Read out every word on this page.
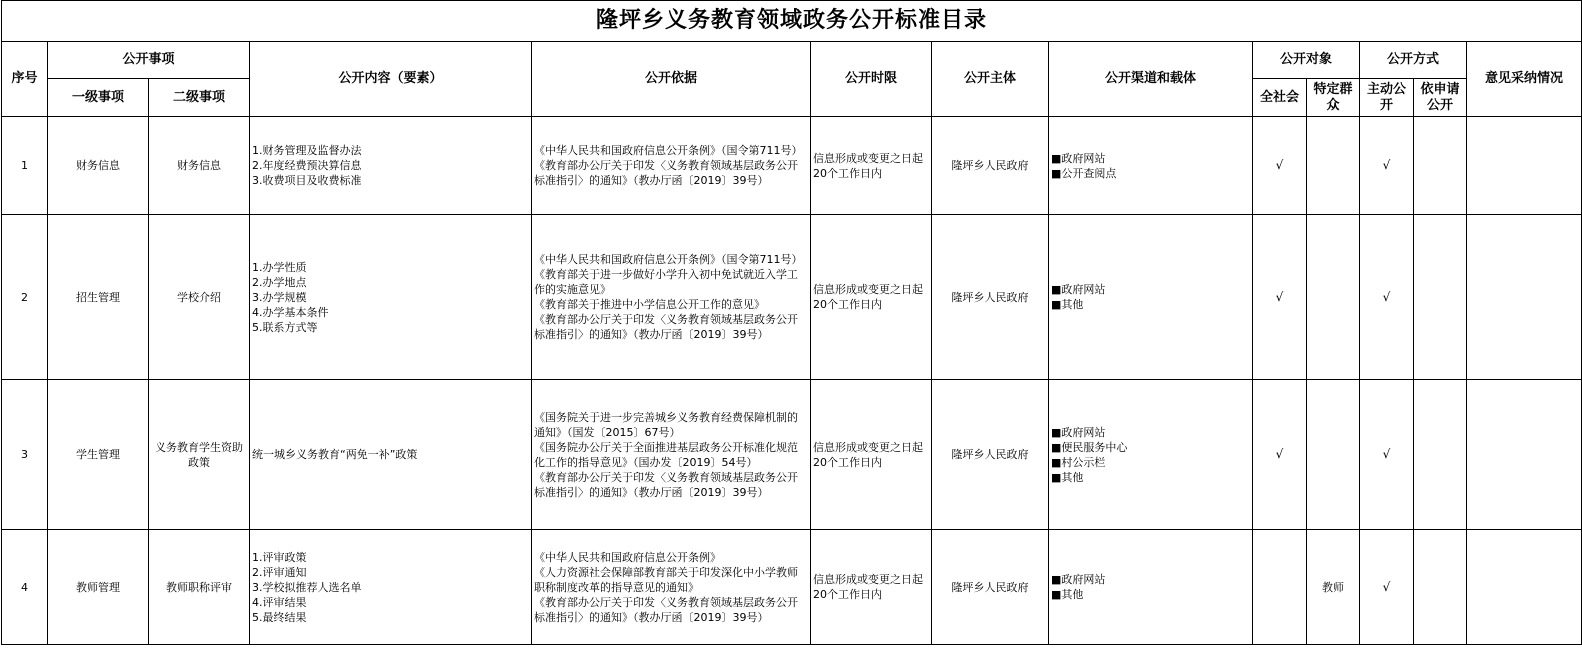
隆坪乡义务教育领域政务公开标准目录												
序号	公开事项		公开内容（要素）	公开依据	公开时限	公开主体	公开渠道和载体	公开对象		公开方式		意见采纳情况
	一级事项	二级事项						全社会	特定群众	主动公开	依申请公开	
1	财务信息	财务信息	1.财务管理及监督办法
2.年度经费预决算信息
3.收费项目及收费标准	《中华人民共和国政府信息公开条例》（国令第711号）
《教育部办公厅关于印发〈义务教育领域基层政务公开标准指引〉的通知》（教办厅函〔2019〕39号）	信息形成或变更之日起20个工作日内	隆坪乡人民政府	■政府网站
■公开查阅点	√		√		
2	招生管理	学校介绍	1.办学性质
2.办学地点
3.办学规模
4.办学基本条件
5.联系方式等	《中华人民共和国政府信息公开条例》（国令第711号）
《教育部关于进一步做好小学升入初中免试就近入学工作的实施意见》
《教育部关于推进中小学信息公开工作的意见》
《教育部办公厅关于印发〈义务教育领域基层政务公开标准指引〉的通知》（教办厅函〔2019〕39号）	信息形成或变更之日起20个工作日内	隆坪乡人民政府	■政府网站
■其他	√		√		
3	学生管理	义务教育学生资助政策	统一城乡义务教育“两免一补”政策	《国务院关于进一步完善城乡义务教育经费保障机制的通知》（国发〔2015〕67号）
《国务院办公厅关于全面推进基层政务公开标准化规范化工作的指导意见》（国办发〔2019〕54号）
《教育部办公厅关于印发〈义务教育领域基层政务公开标准指引〉的通知》（教办厅函〔2019〕39号）	信息形成或变更之日起20个工作日内	隆坪乡人民政府	■政府网站
■便民服务中心
■村公示栏
■其他	√		√		
4	教师管理	教师职称评审	1.评审政策
2.评审通知
3.学校拟推荐人选名单
4.评审结果
5.最终结果	《中华人民共和国政府信息公开条例》
《人力资源社会保障部教育部关于印发深化中小学教师职称制度改革的指导意见的通知》
《教育部办公厅关于印发〈义务教育领域基层政务公开标准指引〉的通知》（教办厅函〔2019〕39号）	信息形成或变更之日起20个工作日内	隆坪乡人民政府	■政府网站
■其他		教师	√		
